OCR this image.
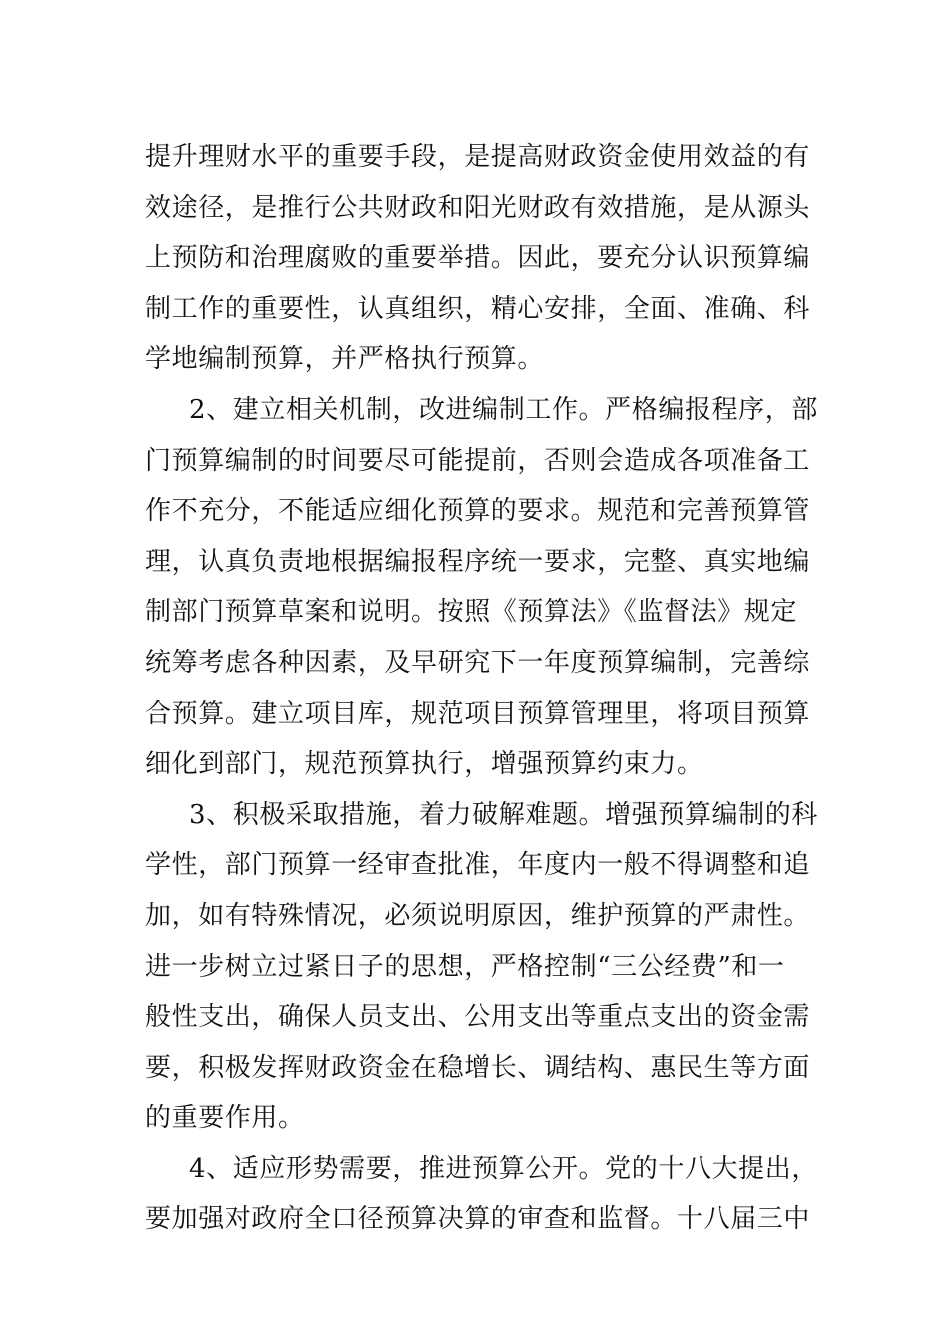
提升理财水平的重要手段，是提高财政资金使用效益的有
效途径，是推行公共财政和阳光财政有效措施，是从源头
上预防和治理腐败的重要举措。因此，要充分认识预算编
制工作的重要性，认真组织，精心安排，全面、准确、科
学地编制预算，并严格执行预算。
2、建立相关机制，改进编制工作。严格编报程序，部
门预算编制的时间要尽可能提前，否则会造成各项准备工
作不充分，不能适应细化预算的要求。规范和完善预算管
理，认真负责地根据编报程序统一要求，完整、真实地编
制部门预算草案和说明。按照《预算法》《监督法》规定
统筹考虑各种因素，及早研究下一年度预算编制，完善综
合预算。建立项目库，规范项目预算管理里，将项目预算
细化到部门，规范预算执行，增强预算约束力。
3、积极采取措施，着力破解难题。增强预算编制的科
学性，部门预算一经审查批准，年度内一般不得调整和追
加，如有特殊情况，必须说明原因，维护预算的严肃性。
进一步树立过紧日子的思想，严格控制“三公经费”和一
般性支出，确保人员支出、公用支出等重点支出的资金需
要，积极发挥财政资金在稳增长、调结构、惠民生等方面
的重要作用。
4、适应形势需要，推进预算公开。党的十八大提出，
要加强对政府全口径预算决算的审查和监督。十八届三中
